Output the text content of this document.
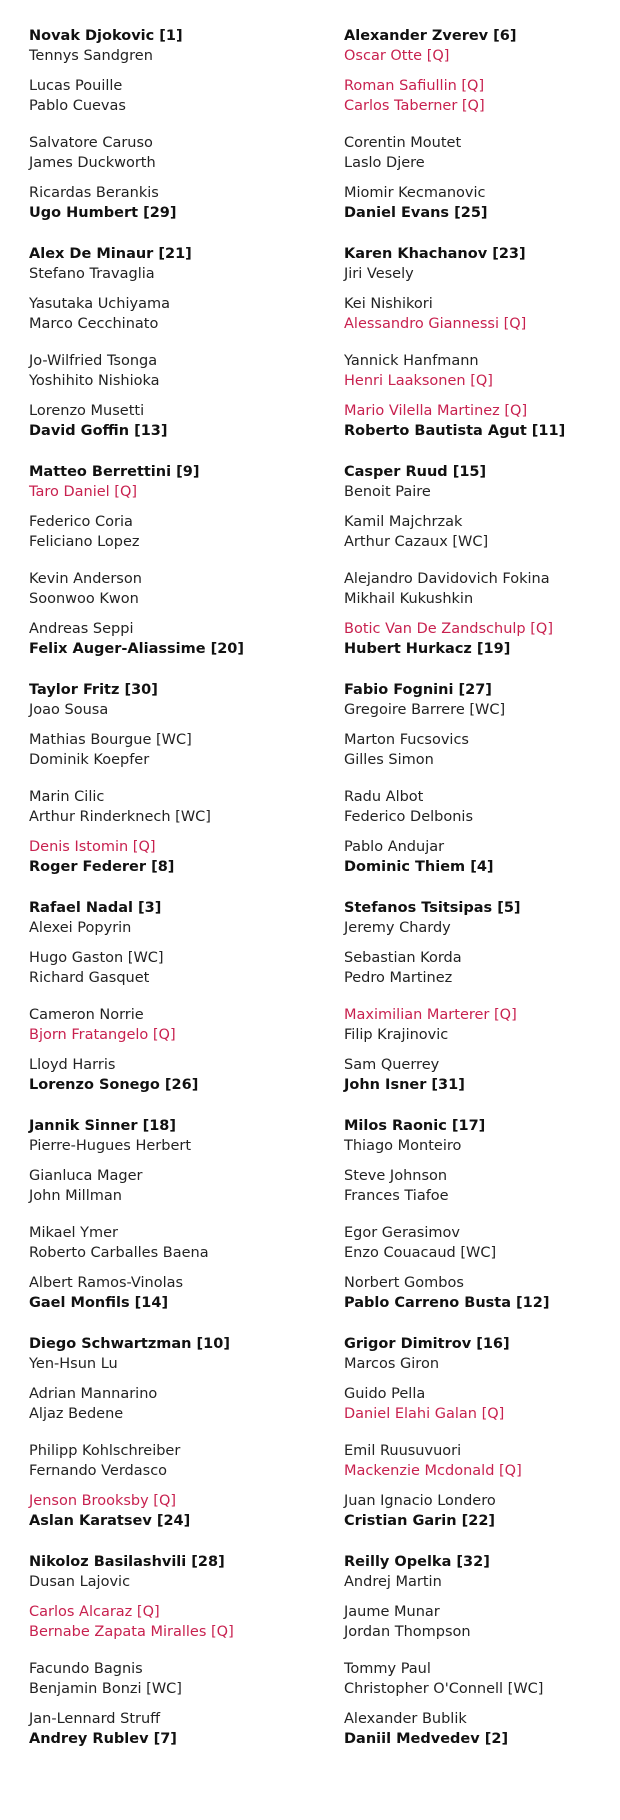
Novak Djokovic [1]
Tennys Sandgren
Lucas Pouille
Pablo Cuevas
Salvatore Caruso
James Duckworth
Ricardas Berankis
Ugo Humbert [29]
Alex De Minaur [21]
Stefano Travaglia
Yasutaka Uchiyama
Marco Cecchinato
Jo-Wilfried Tsonga
Yoshihito Nishioka
Lorenzo Musetti
David Goffin [13]
Matteo Berrettini [9]
Taro Daniel [Q]
Federico Coria
Feliciano Lopez
Kevin Anderson
Soonwoo Kwon
Andreas Seppi
Felix Auger-Aliassime [20]
Taylor Fritz [30]
Joao Sousa
Mathias Bourgue [WC]
Dominik Koepfer
Marin Cilic
Arthur Rinderknech [WC]
Denis Istomin [Q]
Roger Federer [8]
Rafael Nadal [3]
Alexei Popyrin
Hugo Gaston [WC]
Richard Gasquet
Cameron Norrie
Bjorn Fratangelo [Q]
Lloyd Harris
Lorenzo Sonego [26]
Jannik Sinner [18]
Pierre-Hugues Herbert
Gianluca Mager
John Millman
Mikael Ymer
Roberto Carballes Baena
Albert Ramos-Vinolas
Gael Monfils [14]
Diego Schwartzman [10]
Yen-Hsun Lu
Adrian Mannarino
Aljaz Bedene
Philipp Kohlschreiber
Fernando Verdasco
Jenson Brooksby [Q]
Aslan Karatsev [24]
Nikoloz Basilashvili [28]
Dusan Lajovic
Carlos Alcaraz [Q]
Bernabe Zapata Miralles [Q]
Facundo Bagnis
Benjamin Bonzi [WC]
Jan-Lennard Struff
Andrey Rublev [7]
Alexander Zverev [6]
Oscar Otte [Q]
Roman Safiullin [Q]
Carlos Taberner [Q]
Corentin Moutet
Laslo Djere
Miomir Kecmanovic
Daniel Evans [25]
Karen Khachanov [23]
Jiri Vesely
Kei Nishikori
Alessandro Giannessi [Q]
Yannick Hanfmann
Henri Laaksonen [Q]
Mario Vilella Martinez [Q]
Roberto Bautista Agut [11]
Casper Ruud [15]
Benoit Paire
Kamil Majchrzak
Arthur Cazaux [WC]
Alejandro Davidovich Fokina
Mikhail Kukushkin
Botic Van De Zandschulp [Q]
Hubert Hurkacz [19]
Fabio Fognini [27]
Gregoire Barrere [WC]
Marton Fucsovics
Gilles Simon
Radu Albot
Federico Delbonis
Pablo Andujar
Dominic Thiem [4]
Stefanos Tsitsipas [5]
Jeremy Chardy
Sebastian Korda
Pedro Martinez
Maximilian Marterer [Q]
Filip Krajinovic
Sam Querrey
John Isner [31]
Milos Raonic [17]
Thiago Monteiro
Steve Johnson
Frances Tiafoe
Egor Gerasimov
Enzo Couacaud [WC]
Norbert Gombos
Pablo Carreno Busta [12]
Grigor Dimitrov [16]
Marcos Giron
Guido Pella
Daniel Elahi Galan [Q]
Emil Ruusuvuori
Mackenzie Mcdonald [Q]
Juan Ignacio Londero
Cristian Garin [22]
Reilly Opelka [32]
Andrej Martin
Jaume Munar
Jordan Thompson
Tommy Paul
Christopher O'Connell [WC]
Alexander Bublik
Daniil Medvedev [2]
